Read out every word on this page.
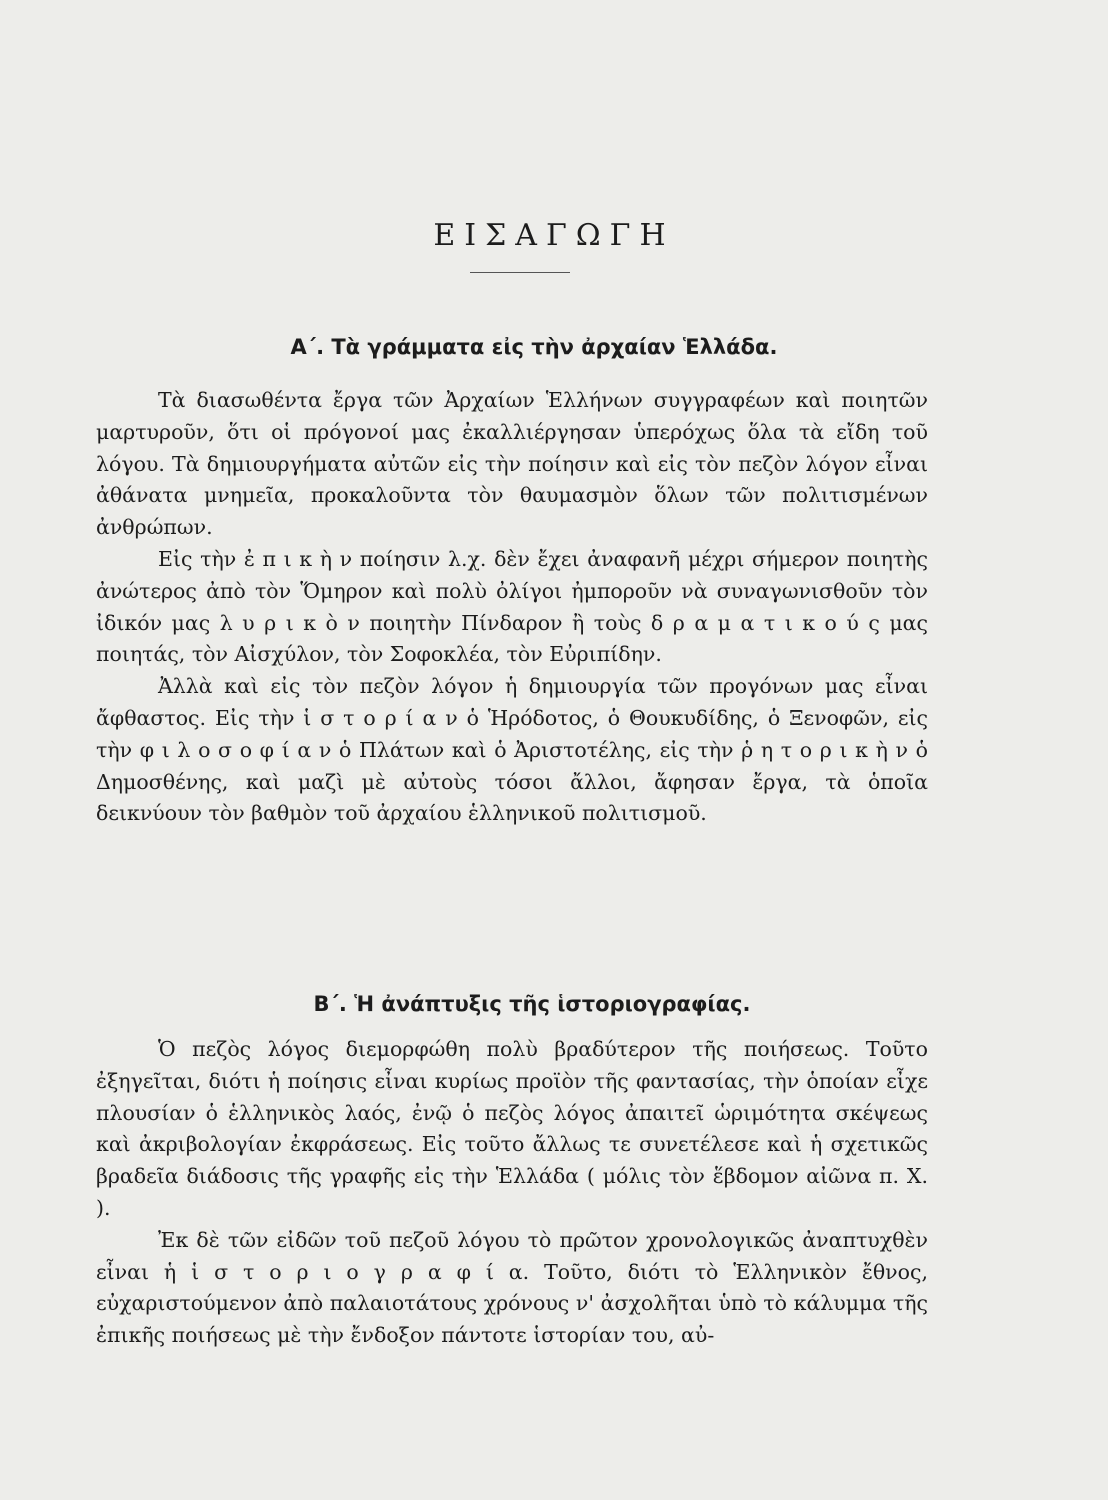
ΕΙΣΑΓΩΓΗ
Α΄. Τὰ γράμματα εἰς τὴν ἀρχαίαν Ἑλλάδα.

Τὰ διασωθέντα ἔργα τῶν Ἀρχαίων Ἑλλήνων συγγραφέων καὶ ποιητῶν μαρτυροῦν, ὅτι οἱ πρόγονοί μας ἐκαλλιέργησαν ὑπερόχως ὅλα τὰ εἴδη τοῦ λόγου. Τὰ δημιουργήματα αὐτῶν εἰς τὴν ποίησιν καὶ εἰς τὸν πεζὸν λόγον εἶναι ἀθάνατα μνημεῖα, προκαλοῦντα τὸν θαυμασμὸν ὅλων τῶν πολιτισμένων ἀνθρώπων.

Εἰς τὴν ἐ π ι κ ὴ ν ποίησιν λ.χ. δὲν ἔχει ἀναφανῆ μέχρι σήμερον ποιητὴς ἀνώτερος ἀπὸ τὸν Ὅμηρον καὶ πολὺ ὀλίγοι ἠμποροῦν νὰ συναγωνισθοῦν τὸν ἰδικόν μας λ υ ρ ι κ ὸ ν ποιητὴν Πίνδαρον ἢ τοὺς δ ρ α μ α τ ι κ ο ύ ς μας ποιητάς, τὸν Αἰσχύλον, τὸν Σοφοκλέα, τὸν Εὐριπίδην.

Ἀλλὰ καὶ εἰς τὸν πεζὸν λόγον ἡ δημιουργία τῶν προγόνων μας εἶναι ἄφθαστος. Εἰς τὴν ἱ σ τ ο ρ ί α ν ὁ Ἡρόδοτος, ὁ Θουκυδίδης, ὁ Ξενοφῶν, εἰς τὴν φ ι λ ο σ ο φ ί α ν ὁ Πλάτων καὶ ὁ Ἀριστοτέλης, εἰς τὴν ῥ η τ ο ρ ι κ ὴ ν ὁ Δημοσθένης, καὶ μαζὶ μὲ αὐτοὺς τόσοι ἄλλοι, ἄφησαν ἔργα, τὰ ὁποῖα δεικνύουν τὸν βαθμὸν τοῦ ἀρχαίου ἑλληνικοῦ πολιτισμοῦ.

Β΄. Ἡ ἀνάπτυξις τῆς ἱστοριογραφίας.

Ὁ πεζὸς λόγος διεμορφώθη πολὺ βραδύτερον τῆς ποιήσεως. Τοῦτο ἐξηγεῖται, διότι ἡ ποίησις εἶναι κυρίως προϊὸν τῆς φαντασίας, τὴν ὁποίαν εἶχε πλουσίαν ὁ ἑλληνικὸς λαός, ἐνῷ ὁ πεζὸς λόγος ἀπαιτεῖ ὡριμότητα σκέψεως καὶ ἀκριβολογίαν ἐκφράσεως. Εἰς τοῦτο ἄλλως τε συνετέλεσε καὶ ἡ σχετικῶς βραδεῖα διάδοσις τῆς γραφῆς εἰς τὴν Ἑλλάδα ( μόλις τὸν ἕβδομον αἰῶνα π. Χ. ).

Ἐκ δὲ τῶν εἰδῶν τοῦ πεζοῦ λόγου τὸ πρῶτον χρονολογικῶς ἀναπτυχθὲν εἶναι ἡ ἱ σ τ ο ρ ι ο γ ρ α φ ί α. Τοῦτο, διότι τὸ Ἑλληνικὸν ἔθνος, εὐχαριστούμενον ἀπὸ παλαιοτάτους χρόνους ν' ἀσχολῆται ὑπὸ τὸ κάλυμμα τῆς ἐπικῆς ποιήσεως μὲ τὴν ἔνδοξον πάντοτε ἱστορίαν του, αὐ-
